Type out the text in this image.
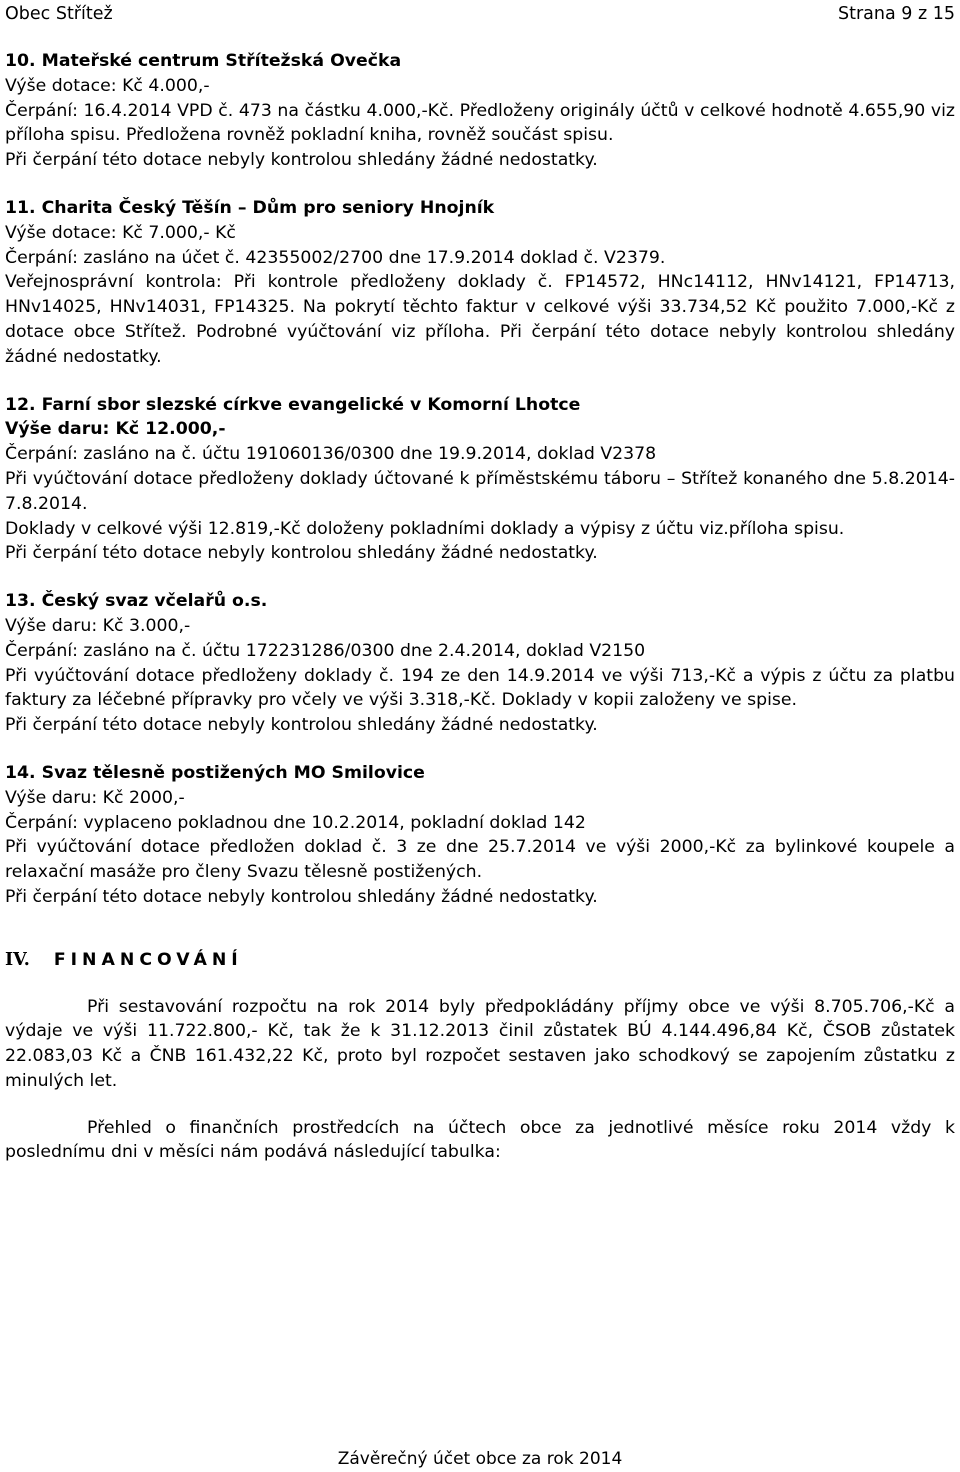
Obec Střítež	Strana 9 z 15

10. Mateřské centrum Střítežská Ovečka

Výše dotace: Kč 4.000,-

Čerpání: 16.4.2014 VPD č. 473 na částku 4.000,-Kč. Předloženy originály účtů v celkové hodnotě 4.655,90 viz příloha spisu. Předložena rovněž pokladní kniha, rovněž součást spisu.

Při čerpání této dotace nebyly kontrolou shledány žádné nedostatky.

11. Charita Český Těšín – Dům pro seniory Hnojník

Výše dotace: Kč 7.000,- Kč

Čerpání: zasláno na účet č. 42355002/2700 dne 17.9.2014 doklad č. V2379.

Veřejnosprávní kontrola: Při kontrole předloženy doklady č. FP14572, HNc14112, HNv14121, FP14713, HNv14025, HNv14031, FP14325. Na pokrytí těchto faktur v celkové výši 33.734,52 Kč použito 7.000,-Kč z dotace obce Střítež. Podrobné vyúčtování viz příloha. Při čerpání této dotace nebyly kontrolou shledány žádné nedostatky.

12. Farní sbor slezské církve evangelické v Komorní Lhotce

Výše daru: Kč 12.000,-

Čerpání: zasláno na č. účtu 191060136/0300 dne 19.9.2014, doklad V2378

Při vyúčtování dotace předloženy doklady účtované k příměstskému táboru – Střítež konaného dne 5.8.2014-7.8.2014.

Doklady v celkové výši 12.819,-Kč doloženy pokladními doklady a výpisy z účtu viz.příloha spisu.

Při čerpání této dotace nebyly kontrolou shledány žádné nedostatky.

13. Český svaz včelařů o.s.

Výše daru: Kč 3.000,-

Čerpání: zasláno na č. účtu 172231286/0300 dne 2.4.2014, doklad V2150

Při vyúčtování dotace předloženy doklady č. 194 ze den 14.9.2014 ve výši 713,-Kč a výpis z účtu za platbu faktury za léčebné přípravky pro včely ve výši 3.318,-Kč. Doklady v kopii založeny ve spise.

Při čerpání této dotace nebyly kontrolou shledány žádné nedostatky.

14. Svaz tělesně postižených MO Smilovice

Výše daru: Kč 2000,-

Čerpání: vyplaceno pokladnou dne 10.2.2014, pokladní doklad 142

Při vyúčtování dotace předložen doklad č. 3 ze dne 25.7.2014 ve výši 2000,-Kč za bylinkové koupele a relaxační masáže pro členy Svazu tělesně postižených.

Při čerpání této dotace nebyly kontrolou shledány žádné nedostatky.

IV. FINANCOVÁNÍ

Při sestavování rozpočtu na rok 2014 byly předpokládány příjmy obce ve výši 8.705.706,-Kč a výdaje ve výši 11.722.800,- Kč, tak že k 31.12.2013 činil zůstatek BÚ 4.144.496,84 Kč, ČSOB zůstatek 22.083,03 Kč a ČNB 161.432,22 Kč, proto byl rozpočet sestaven jako schodkový se zapojením zůstatku z minulých let.

Přehled o finančních prostředcích na účtech obce za jednotlivé měsíce roku 2014 vždy k poslednímu dni v měsíci nám podává následující tabulka:

Závěrečný účet obce za rok 2014
